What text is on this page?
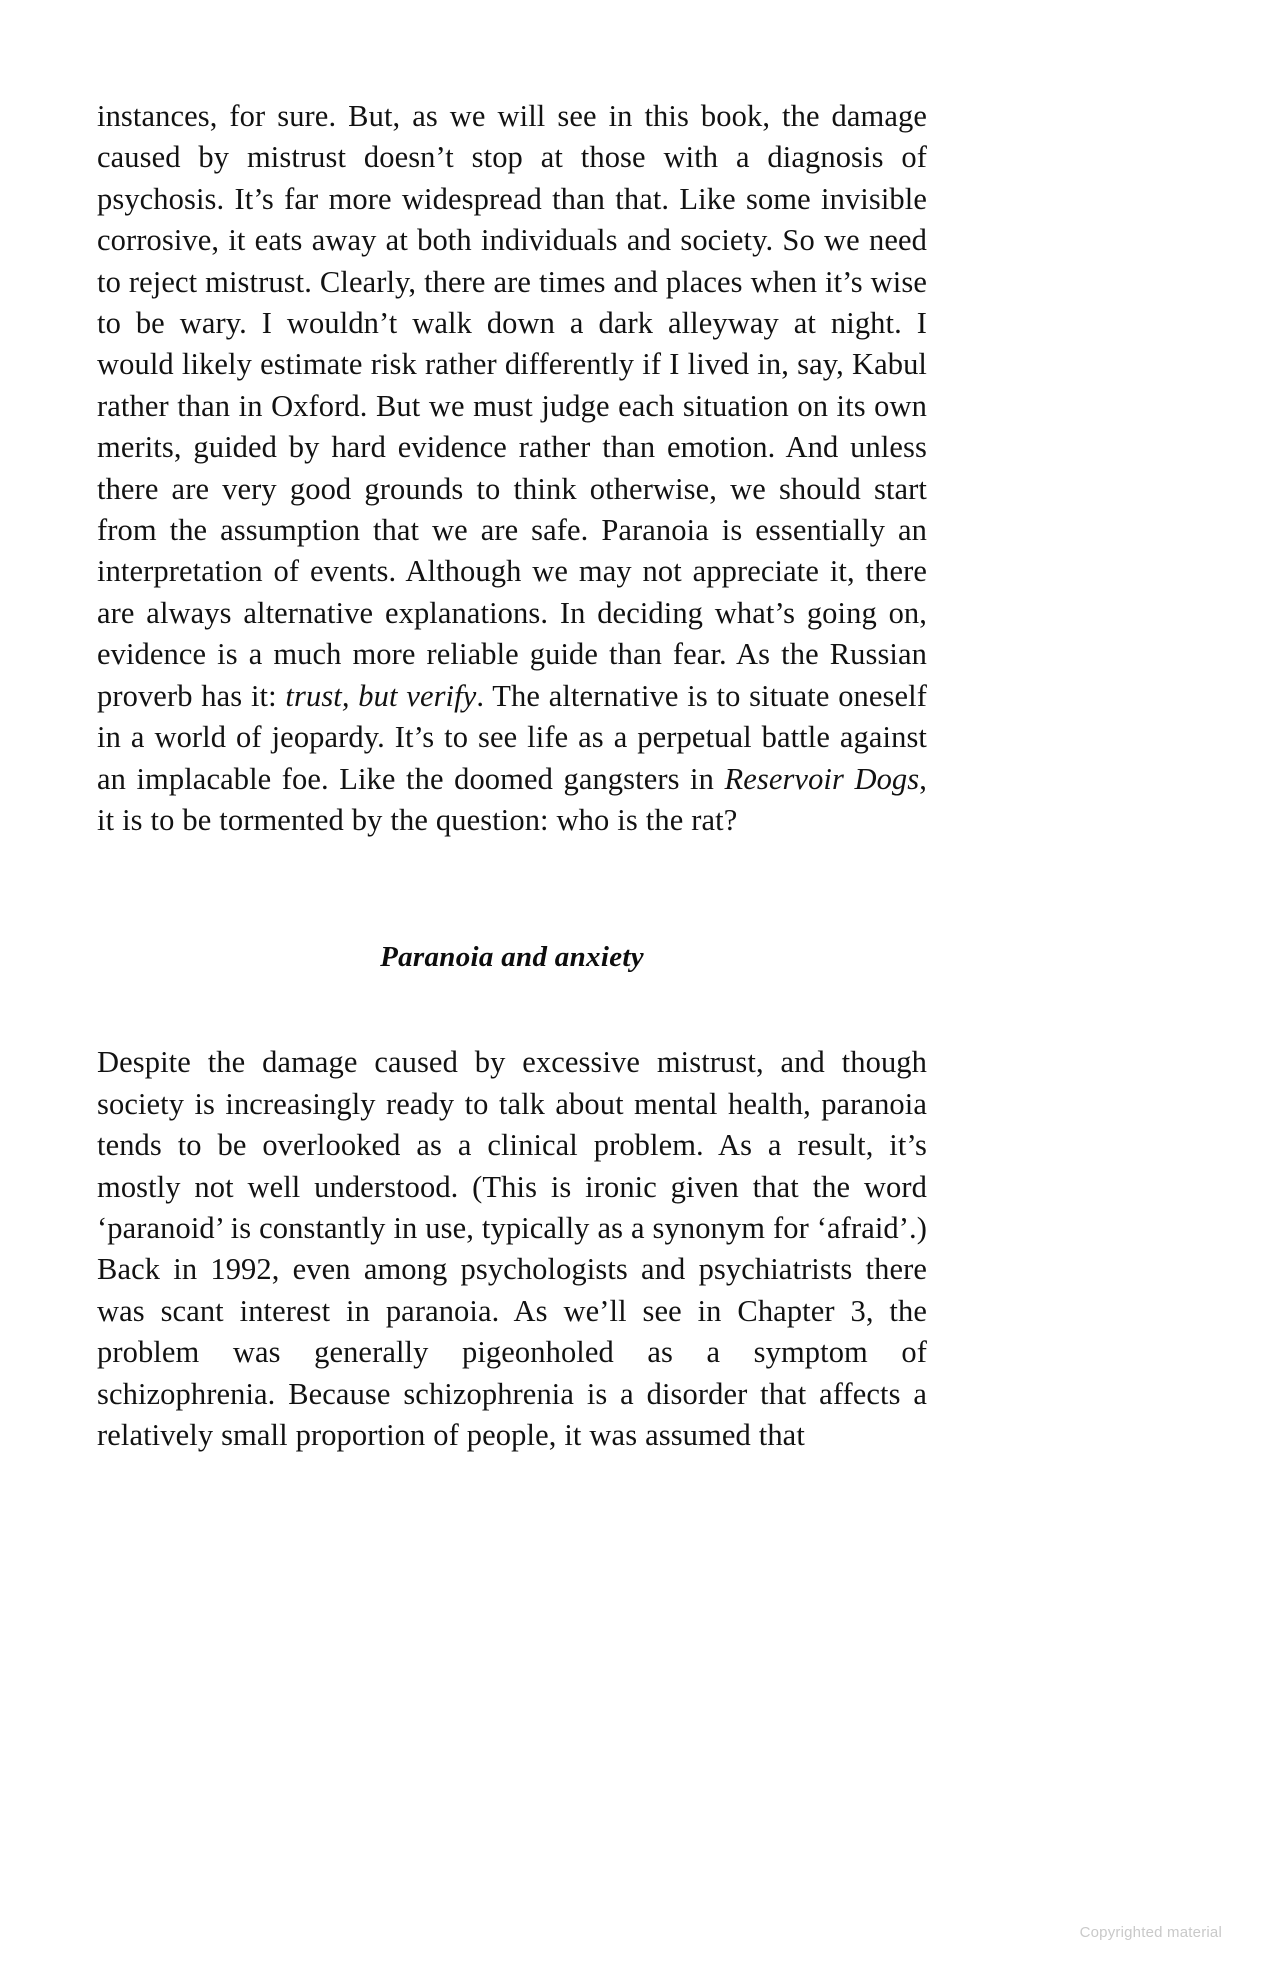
instances, for sure. But, as we will see in this book, the damage caused by mistrust doesn’t stop at those with a diagnosis of psychosis. It’s far more widespread than that. Like some invisible corrosive, it eats away at both individuals and society. So we need to reject mistrust. Clearly, there are times and places when it’s wise to be wary. I wouldn’t walk down a dark alleyway at night. I would likely estimate risk rather differently if I lived in, say, Kabul rather than in Oxford. But we must judge each situation on its own merits, guided by hard evidence rather than emotion. And unless there are very good grounds to think otherwise, we should start from the assumption that we are safe. Paranoia is essentially an interpretation of events. Although we may not appreciate it, there are always alternative explanations. In deciding what’s going on, evidence is a much more reliable guide than fear. As the Russian proverb has it: trust, but verify. The alternative is to situate oneself in a world of jeopardy. It’s to see life as a perpetual battle against an implacable foe. Like the doomed gangsters in Reservoir Dogs, it is to be tormented by the question: who is the rat?

Paranoia and anxiety

Despite the damage caused by excessive mistrust, and though society is increasingly ready to talk about mental health, paranoia tends to be overlooked as a clinical problem. As a result, it’s mostly not well understood. (This is ironic given that the word ‘paranoid’ is constantly in use, typically as a synonym for ‘afraid’.) Back in 1992, even among psychologists and psychiatrists there was scant interest in paranoia. As we’ll see in Chapter 3, the problem was generally pigeonholed as a symptom of schizophrenia. Because schizophrenia is a disorder that affects a relatively small proportion of people, it was assumed that

Copyrighted material
